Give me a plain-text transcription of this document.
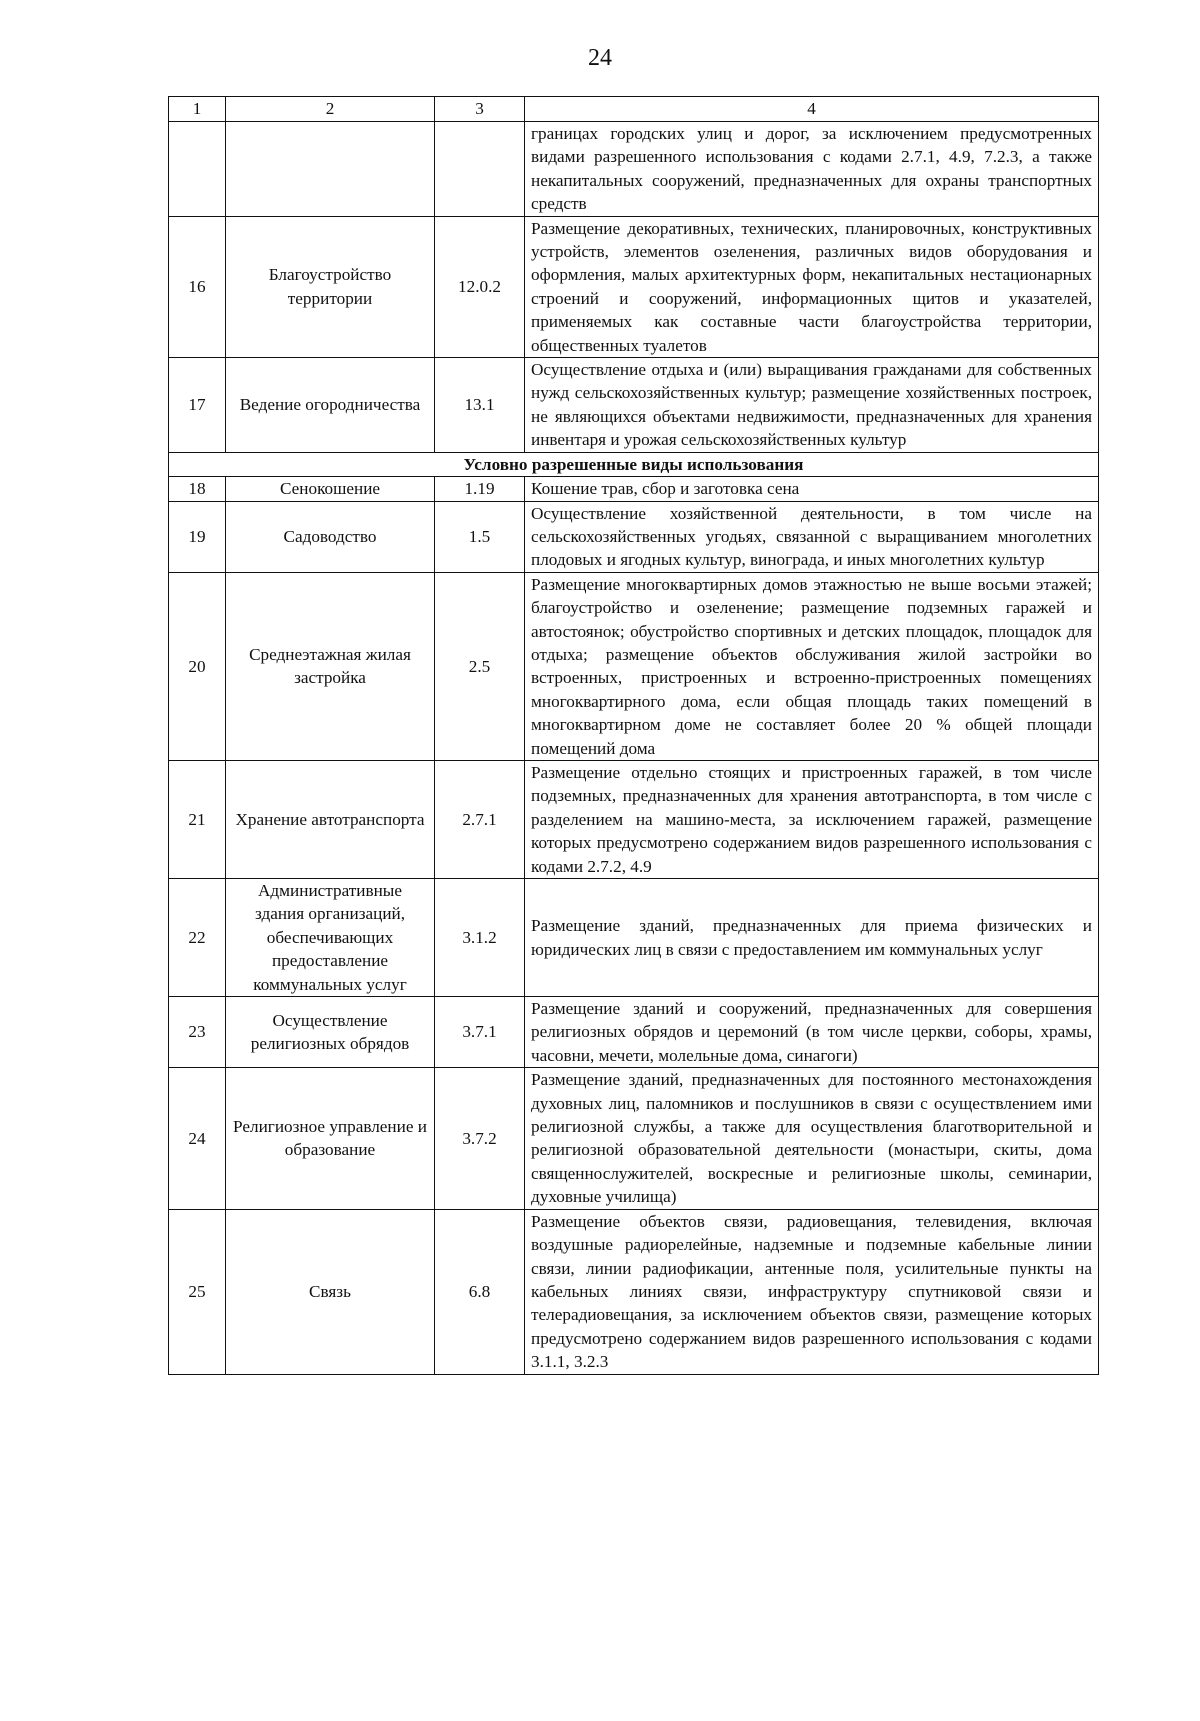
24
1	2	3	4
			границах городских улиц и дорог, за исключением предусмотренных видами разрешенного использования с кодами 2.7.1, 4.9, 7.2.3, а также некапитальных сооружений, предназначенных для охраны транспортных средств
16	Благоустройство территории	12.0.2	Размещение декоративных, технических, планировочных, конструктивных устройств, элементов озеленения, различных видов оборудования и оформления, малых архитектурных форм, некапитальных нестационарных строений и сооружений, информационных щитов и указателей, применяемых как составные части благоустройства территории, общественных туалетов
17	Ведение огородничества	13.1	Осуществление отдыха и (или) выращивания гражданами для собственных нужд сельскохозяйственных культур; размещение хозяйственных построек, не являющихся объектами недвижимости, предназначенных для хранения инвентаря и урожая сельскохозяйственных культур
Условно разрешенные виды использования			
18	Сенокошение	1.19	Кошение трав, сбор и заготовка сена
19	Садоводство	1.5	Осуществление хозяйственной деятельности, в том числе на сельскохозяйственных угодьях, связанной с выращиванием многолетних плодовых и ягодных культур, винограда, и иных многолетних культур
20	Среднеэтажная жилая застройка	2.5	Размещение многоквартирных домов этажностью не выше восьми этажей; благоустройство и озеленение; размещение подземных гаражей и автостоянок; обустройство спортивных и детских площадок, площадок для отдыха; размещение объектов обслуживания жилой застройки во встроенных, пристроенных и встроенно-пристроенных помещениях многоквартирного дома, если общая площадь таких помещений в многоквартирном доме не составляет более 20 % общей площади помещений дома
21	Хранение автотранспорта	2.7.1	Размещение отдельно стоящих и пристроенных гаражей, в том числе подземных, предназначенных для хранения автотранспорта, в том числе с разделением на машино-места, за исключением гаражей, размещение которых предусмотрено содержанием видов разрешенного использования с кодами 2.7.2, 4.9
22	Административные здания организаций, обеспечивающих предоставление коммунальных услуг	3.1.2	Размещение зданий, предназначенных для приема физических и юридических лиц в связи с предоставлением им коммунальных услуг
23	Осуществление религиозных обрядов	3.7.1	Размещение зданий и сооружений, предназначенных для совершения религиозных обрядов и церемоний (в том числе церкви, соборы, храмы, часовни, мечети, молельные дома, синагоги)
24	Религиозное управление и образование	3.7.2	Размещение зданий, предназначенных для постоянного местонахождения духовных лиц, паломников и послушников в связи с осуществлением ими религиозной службы, а также для осуществления благотворительной и религиозной образовательной деятельности (монастыри, скиты, дома священнослужителей, воскресные и религиозные школы, семинарии, духовные училища)
25	Связь	6.8	Размещение объектов связи, радиовещания, телевидения, включая воздушные радиорелейные, надземные и подземные кабельные линии связи, линии радиофикации, антенные поля, усилительные пункты на кабельных линиях связи, инфраструктуру спутниковой связи и телерадиовещания, за исключением объектов связи, размещение которых предусмотрено содержанием видов разрешенного использования с кодами 3.1.1, 3.2.3
